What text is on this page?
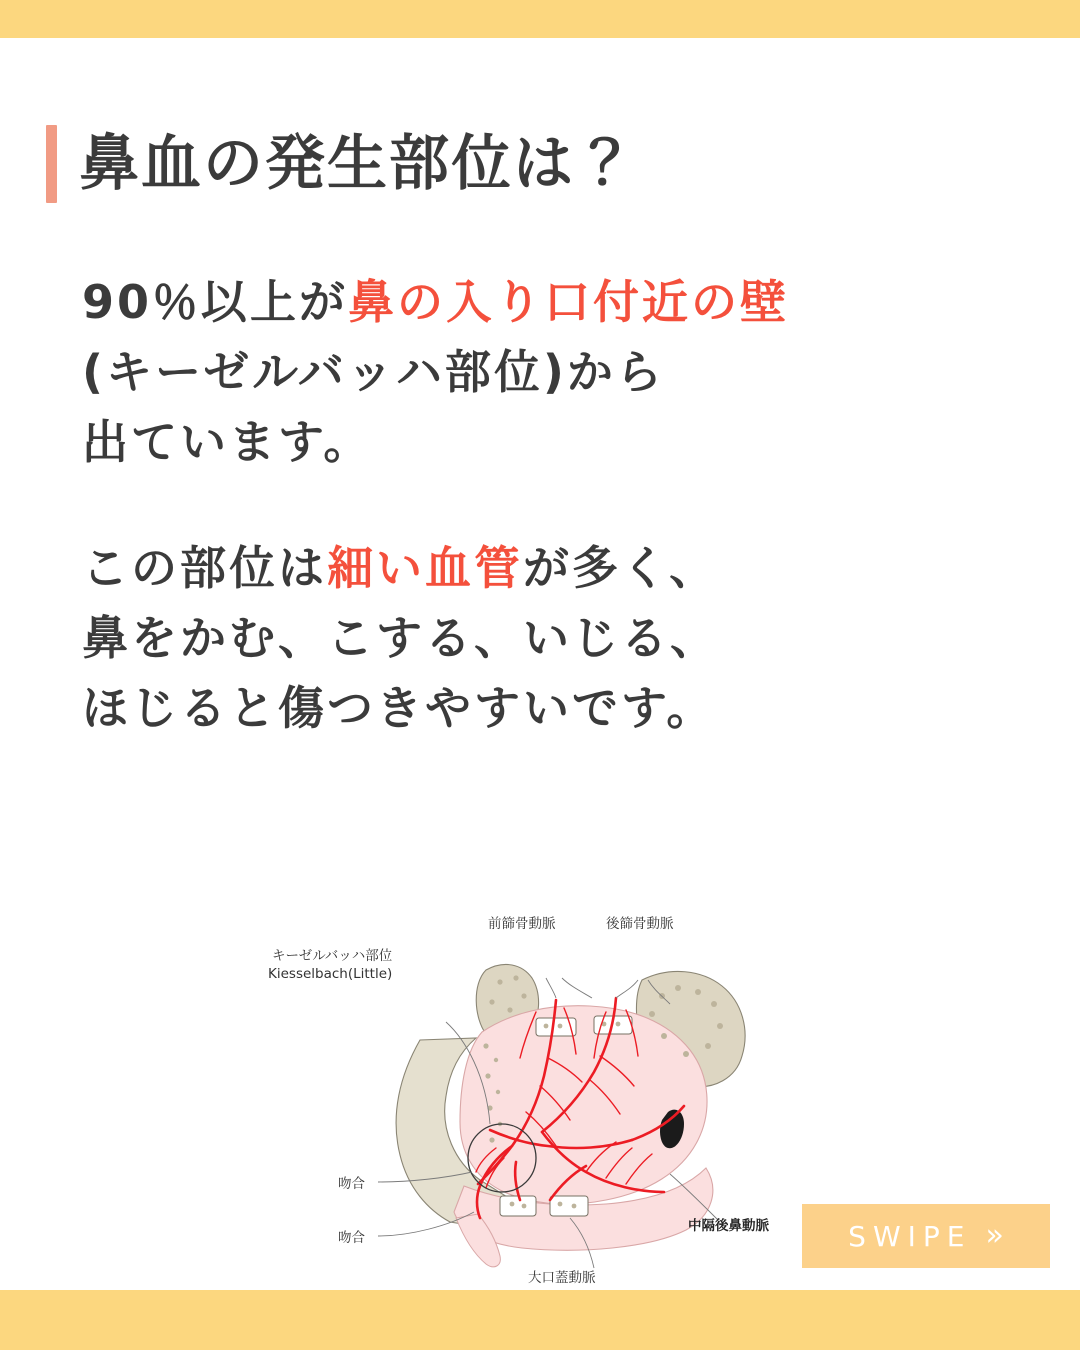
鼻血の発生部位は？
90％以上が鼻の入り口付近の壁
(キーゼルバッハ部位)から
出ています。
この部位は細い血管が多く、
鼻をかむ、こする、いじる、
ほじると傷つきやすいです。
キーゼルバッハ部位
Kiesselbach(Little)
前篩骨動脈	後篩骨動脈
吻合
吻合
大口蓋動脈
中隔後鼻動脈	SWIPE »
